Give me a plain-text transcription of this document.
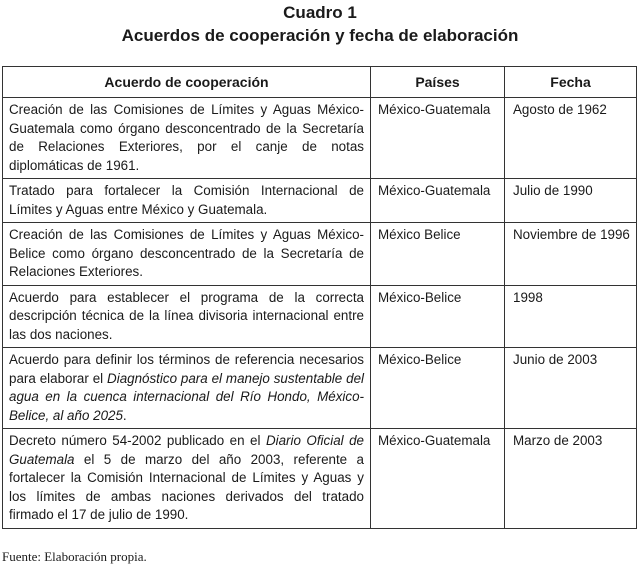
Cuadro 1
Acuerdos de cooperación y fecha de elaboración
Acuerdo de cooperación	Países	Fecha
Creación de las Comisiones de Límites y Aguas México-Guatemala como órgano desconcentrado de la Secretaría de Relaciones Exteriores, por el canje de notas diplomáticas de 1961.	México-Guatemala	Agosto de 1962
Tratado para fortalecer la Comisión Internacional de Límites y Aguas entre México y Guatemala.	México-Guatemala	Julio de 1990
Creación de las Comisiones de Límites y Aguas México-Belice como órgano desconcentrado de la Secretaría de Relaciones Exteriores.	México Belice	Noviembre de 1996
Acuerdo para establecer el programa de la correcta descripción técnica de la línea divisoria internacional entre las dos naciones.	México-Belice	1998
Acuerdo para definir los términos de referencia necesarios para elaborar el Diagnóstico para el manejo sustentable del agua en la cuenca internacional del Río Hondo, México-Belice, al año 2025.	México-Belice	Junio de 2003
Decreto número 54-2002 publicado en el Diario Oficial de Guatemala el 5 de marzo del año 2003, referente a fortalecer la Comisión Internacional de Límites y Aguas y los límites de ambas naciones derivados del tratado firmado el 17 de julio de 1990.	México-Guatemala	Marzo de 2003
Fuente: Elaboración propia.
